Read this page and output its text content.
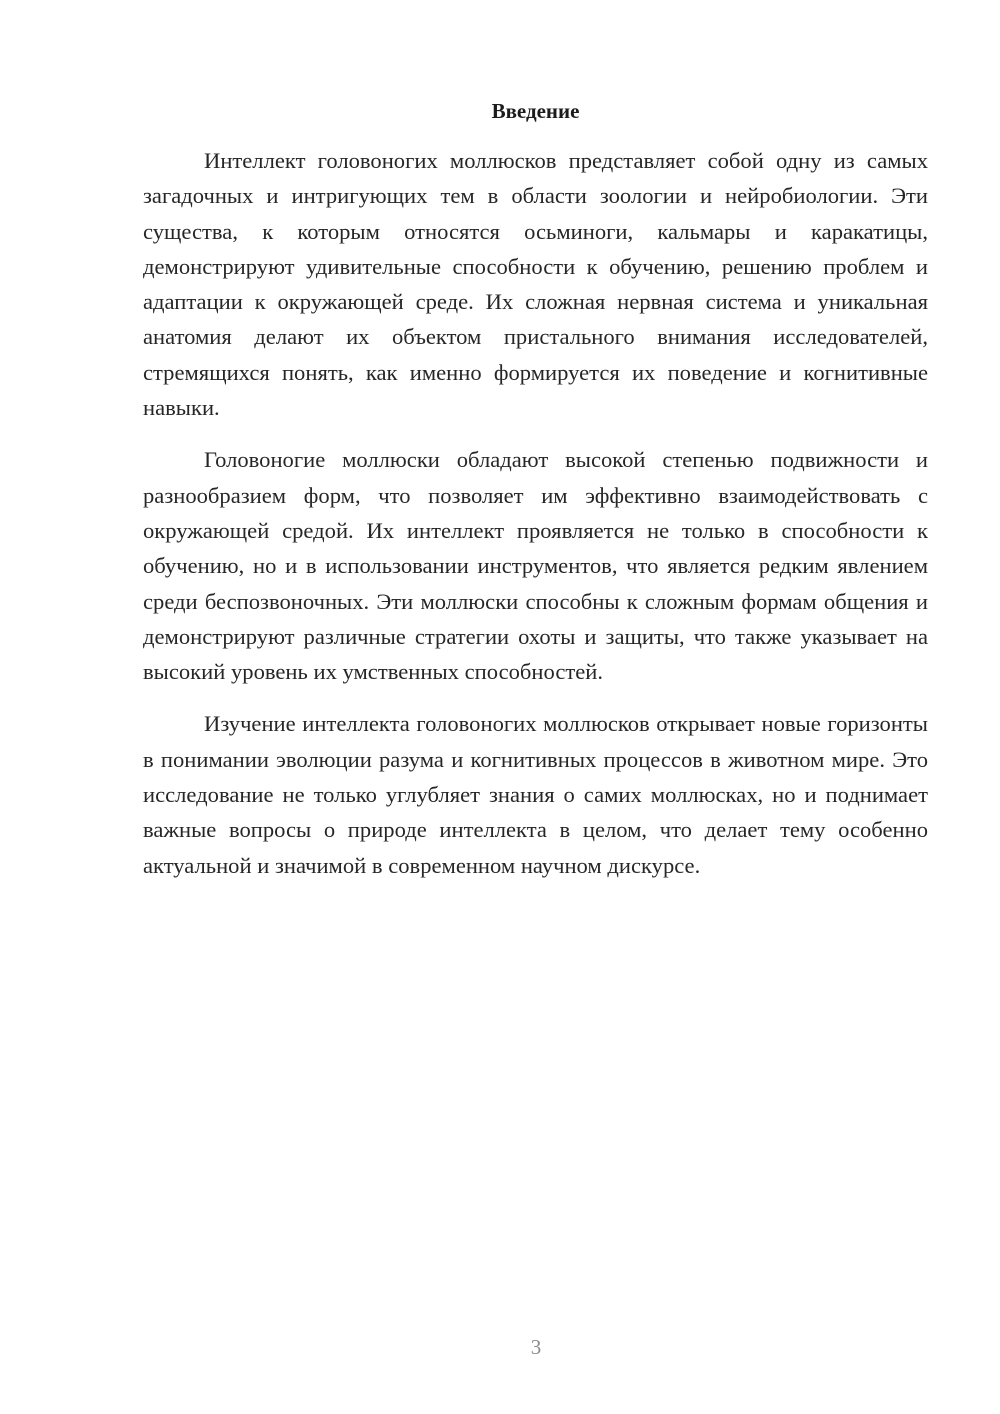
Введение

Интеллект головоногих моллюсков представляет собой одну из самых загадочных и интригующих тем в области зоологии и нейробиологии. Эти существа, к которым относятся осьминоги, кальмары и каракатицы, демонстрируют удивительные способности к обучению, решению проблем и адаптации к окружающей среде. Их сложная нервная система и уникальная анатомия делают их объектом пристального внимания исследователей, стремящихся понять, как именно формируется их поведение и когнитивные навыки.

Головоногие моллюски обладают высокой степенью подвижности и разнообразием форм, что позволяет им эффективно взаимодействовать с окружающей средой. Их интеллект проявляется не только в способности к обучению, но и в использовании инструментов, что является редким явлением среди беспозвоночных. Эти моллюски способны к сложным формам общения и демонстрируют различные стратегии охоты и защиты, что также указывает на высокий уровень их умственных способностей.

Изучение интеллекта головоногих моллюсков открывает новые горизонты в понимании эволюции разума и когнитивных процессов в животном мире. Это исследование не только углубляет знания о самих моллюсках, но и поднимает важные вопросы о природе интеллекта в целом, что делает тему особенно актуальной и значимой в современном научном дискурсе.

3
